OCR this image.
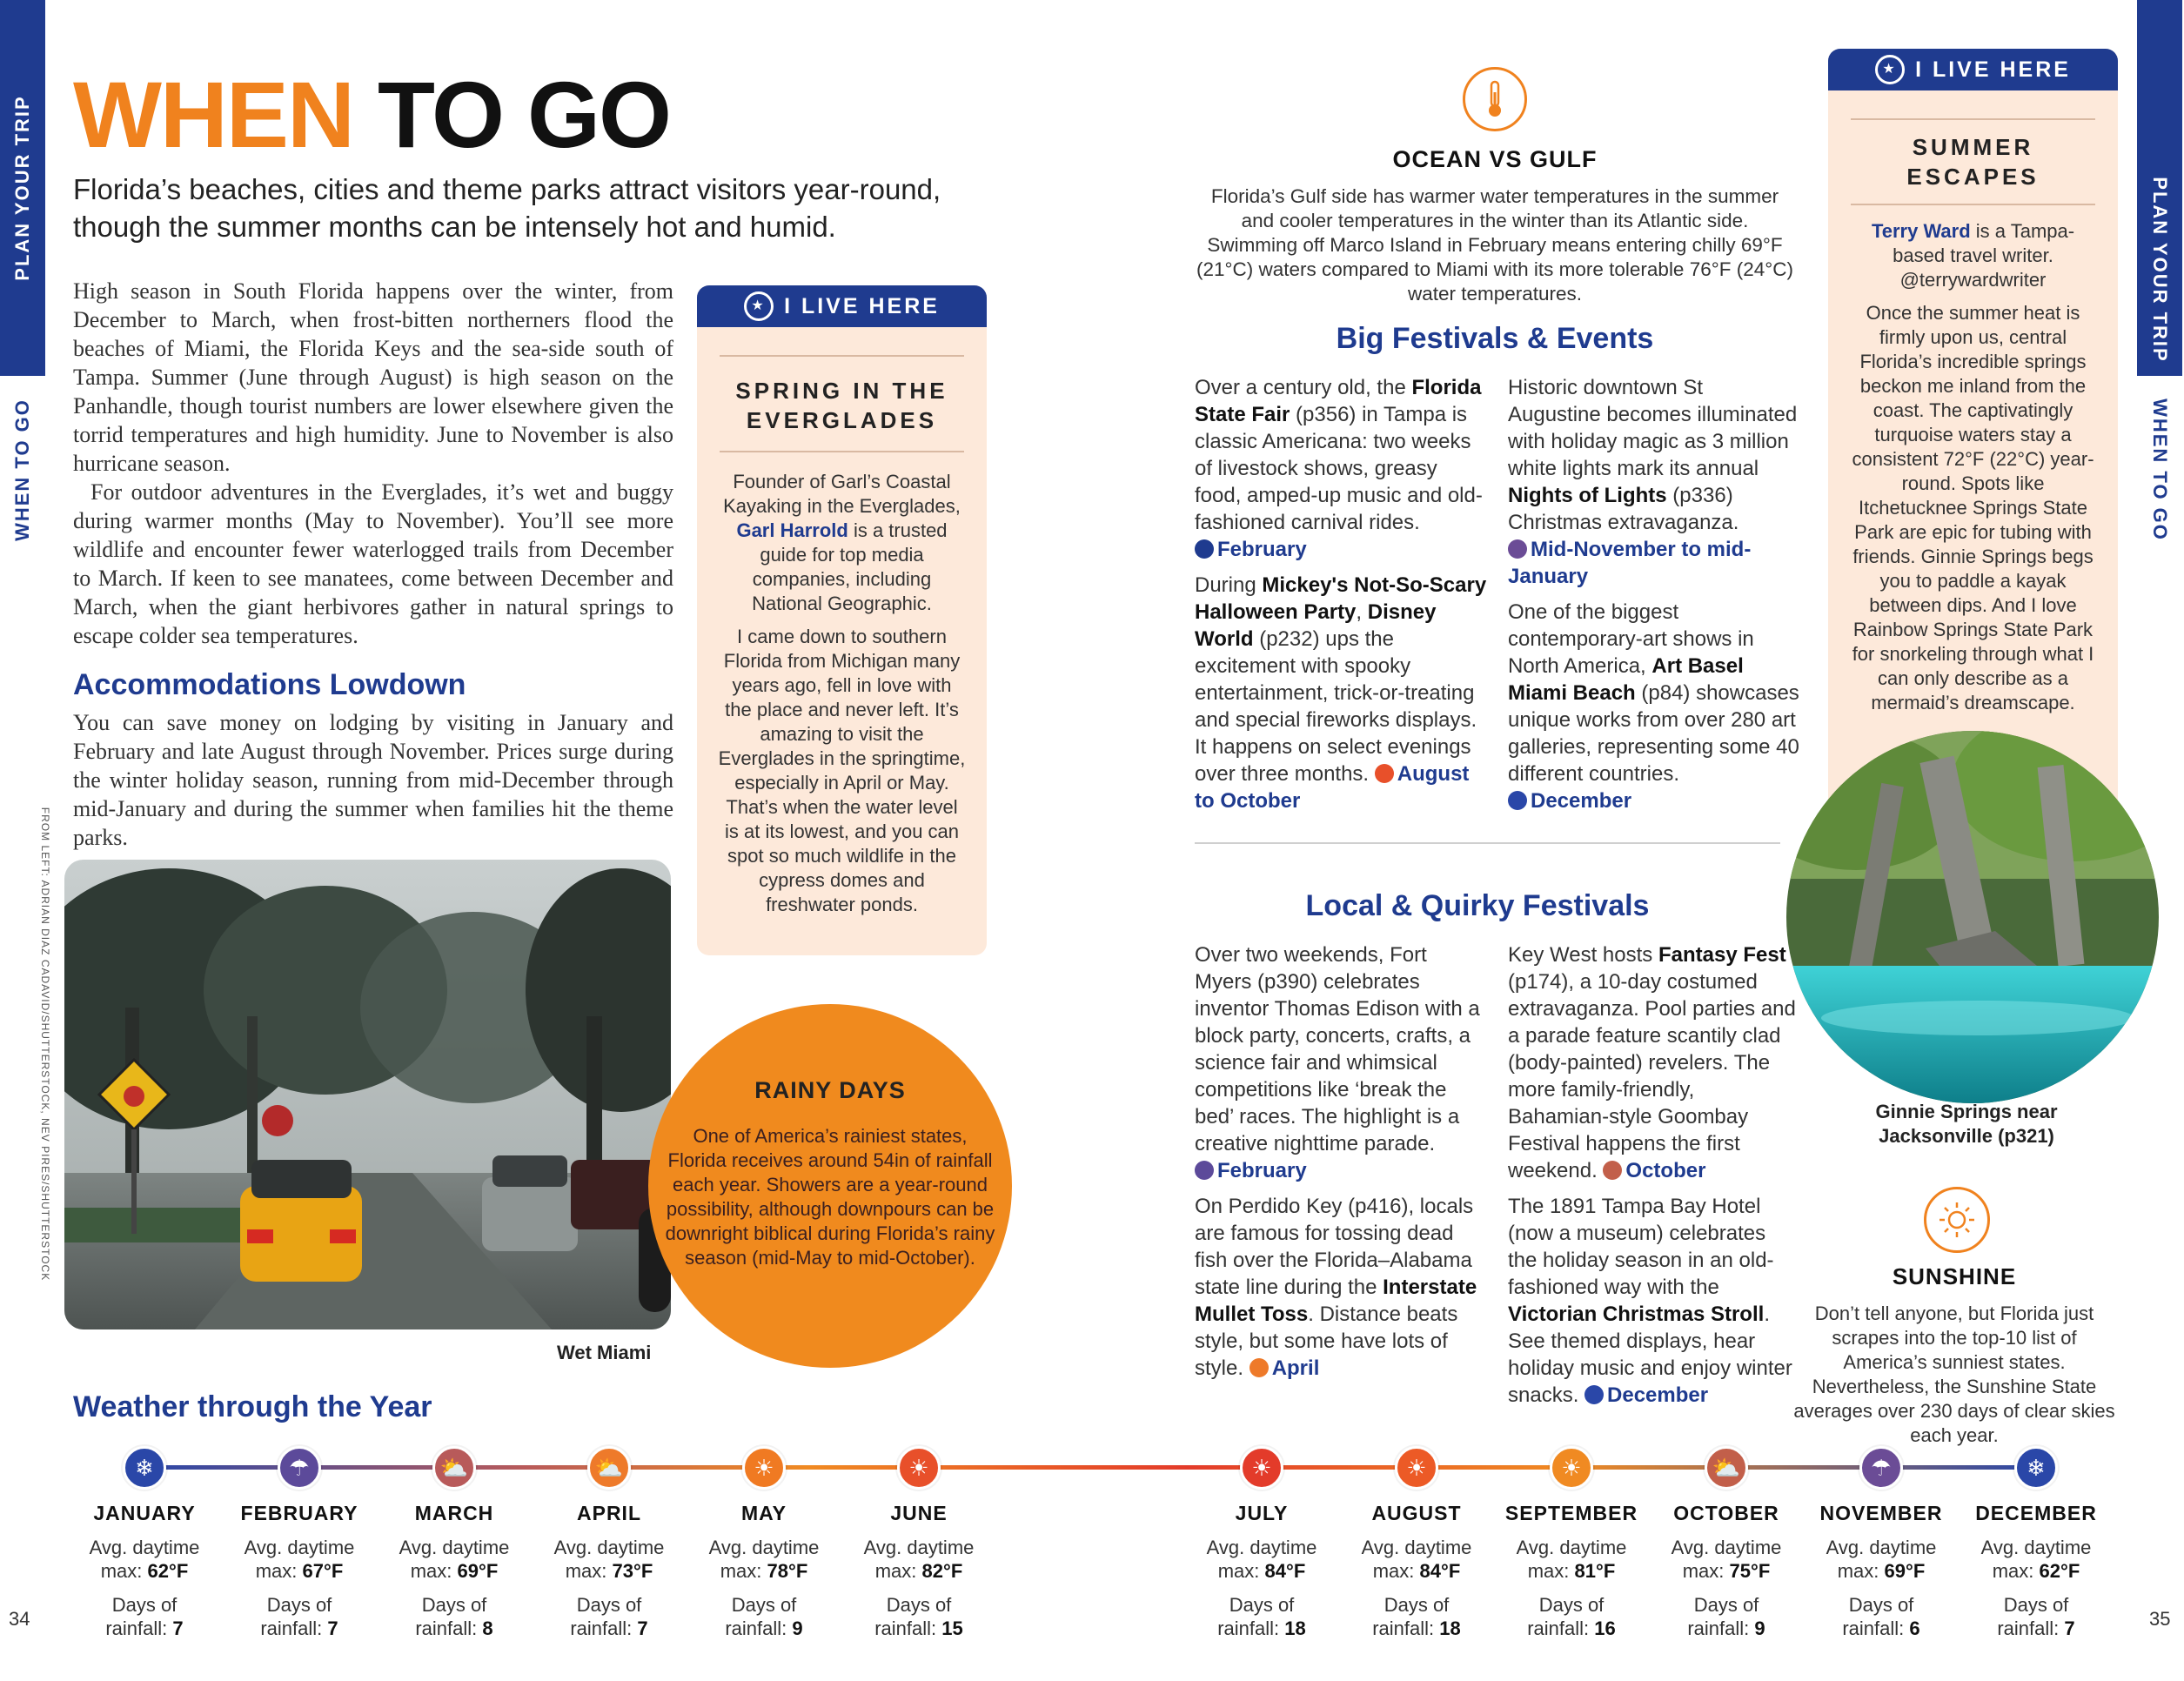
PLAN YOUR TRIP
WHEN TO GO
PLAN YOUR TRIP
WHEN TO GO
FROM LEFT: ADRIAN DIAZ CADAVID/SHUTTERSTOCK, NEV PIRES/SHUTTERSTOCK
WHEN TO GO
Florida’s beaches, cities and theme parks attract visitors year-round, though the summer months can be intensely hot and humid.

High season in South Florida happens over the winter, from December to March, when frost-bitten northerners flood the beaches of Miami, the Florida Keys and the sea-side south of Tampa. Summer (June through August) is high season on the Panhandle, though tourist numbers are lower elsewhere given the torrid temperatures and high humidity. June to November is also hurricane season.

For outdoor adventures in the Everglades, it’s wet and buggy during warmer months (May to November). You’ll see more wildlife and encounter fewer waterlogged trails from December to March. If keen to see manatees, come between December and March, when the giant herbivores gather in natural springs to escape colder sea temperatures.

Accommodations Lowdown
You can save money on lodging by visiting in January and February and late August through November. Prices surge during the winter holiday season, running from mid-December through mid-January and during the summer when families hit the theme parks.
Wet Miami
★ I LIVE HERE
SPRING IN THE
EVERGLADES

Founder of Garl’s Coastal Kayaking in the Everglades, Garl Harrold is a trusted guide for top media companies, including National Geographic.

I came down to southern Florida from Michigan many years ago, fell in love with the place and never left. It’s amazing to visit the Everglades in the springtime, especially in April or May. That’s when the water level is at its lowest, and you can spot so much wildlife in the cypress domes and freshwater ponds.

RAINY DAYS
One of America’s rainiest states, Florida receives around 54in of rainfall each year. Showers are a year-round possibility, although downpours can be downright biblical during Florida’s rainy season (mid-May to mid-October).
OCEAN VS GULF
Florida’s Gulf side has warmer water temperatures in the summer and cooler temperatures in the winter than its Atlantic side. Swimming off Marco Island in February means entering chilly 69°F (21°C) waters compared to Miami with its more tolerable 76°F (24°C) water temperatures.
Big Festivals & Events

Over a century old, the Florida State Fair (p356) in Tampa is classic Americana: two weeks of livestock shows, greasy food, amped-up music and old-fashioned carnival rides.
February

During Mickey's Not-So-Scary Halloween Party, Disney World (p232) ups the excitement with spooky entertainment, trick-or-treating and special fireworks displays. It happens on select evenings over three months. August to October

Historic downtown St Augustine becomes illuminated with holiday magic as 3 million white lights mark its annual Nights of Lights (p336) Christmas extravaganza.
Mid-November to mid-January

One of the biggest contemporary-art shows in North America, Art Basel Miami Beach (p84) showcases unique works from over 280 art galleries, representing some 40 different countries.
December

Local & Quirky Festivals

Over two weekends, Fort Myers (p390) celebrates inventor Thomas Edison with a block party, concerts, crafts, a science fair and whimsical competitions like ‘break the bed’ races. The highlight is a creative nighttime parade.
February

On Perdido Key (p416), locals are famous for tossing dead fish over the Florida–Alabama state line during the Interstate Mullet Toss. Distance beats style, but some have lots of style. April

Key West hosts Fantasy Fest (p174), a 10-day costumed extravaganza. Pool parties and a parade feature scantily clad (body-painted) revelers. The more family-friendly, Bahamian-style Goombay Festival happens the first weekend. October

The 1891 Tampa Bay Hotel (now a museum) celebrates the holiday season in an old-fashioned way with the Victorian Christmas Stroll. See themed displays, hear holiday music and enjoy winter snacks. December

★ I LIVE HERE
SUMMER
ESCAPES

Terry Ward is a Tampa-based travel writer. @terrywardwriter

Once the summer heat is firmly upon us, central Florida’s incredible springs beckon me inland from the coast. The captivatingly turquoise waters stay a consistent 72°F (22°C) year-round. Spots like Itchetucknee Springs State Park are epic for tubing with friends. Ginnie Springs begs you to paddle a kayak between dips. And I love Rainbow Springs State Park for snorkeling through what I can only describe as a mermaid’s dreamscape.

Ginnie Springs near
Jacksonville (p321)
SUNSHINE
Don’t tell anyone, but Florida just scrapes into the top-10 list of America’s sunniest states. Nevertheless, the Sunshine State averages over 230 days of clear skies each year.
Weather through the Year
❄
JANUARY
Avg. daytime
max: 62°F
Days of
rainfall: 7
☂
FEBRUARY
Avg. daytime
max: 67°F
Days of
rainfall: 7
⛅
MARCH
Avg. daytime
max: 69°F
Days of
rainfall: 8
⛅
APRIL
Avg. daytime
max: 73°F
Days of
rainfall: 7
☀
MAY
Avg. daytime
max: 78°F
Days of
rainfall: 9
☀
JUNE
Avg. daytime
max: 82°F
Days of
rainfall: 15
☀
JULY
Avg. daytime
max: 84°F
Days of
rainfall: 18
☀
AUGUST
Avg. daytime
max: 84°F
Days of
rainfall: 18
☀
SEPTEMBER
Avg. daytime
max: 81°F
Days of
rainfall: 16
⛅
OCTOBER
Avg. daytime
max: 75°F
Days of
rainfall: 9
☂
NOVEMBER
Avg. daytime
max: 69°F
Days of
rainfall: 6
❄
DECEMBER
Avg. daytime
max: 62°F
Days of
rainfall: 7
34	35
